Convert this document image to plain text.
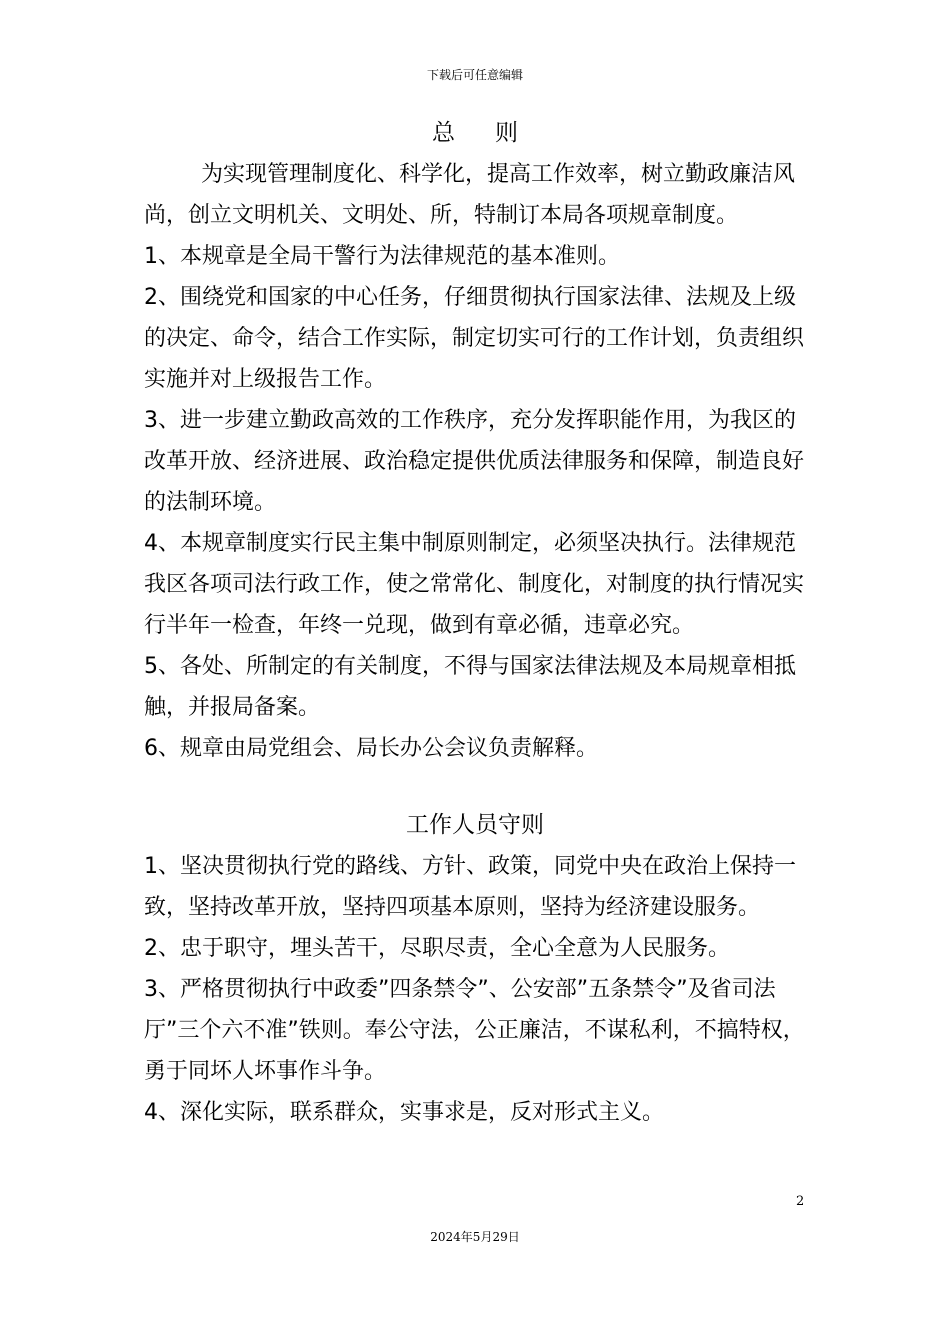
下载后可任意编辑
总则

为实现管理制度化、科学化，提高工作效率，树立勤政廉洁风尚，创立文明机关、文明处、所，特制订本局各项规章制度。

1、本规章是全局干警行为法律规范的基本准则。

2、围绕党和国家的中心任务，仔细贯彻执行国家法律、法规及上级的决定、命令，结合工作实际，制定切实可行的工作计划，负责组织实施并对上级报告工作。

3、进一步建立勤政高效的工作秩序，充分发挥职能作用，为我区的改革开放、经济进展、政治稳定提供优质法律服务和保障，制造良好的法制环境。

4、本规章制度实行民主集中制原则制定，必须坚决执行。法律规范我区各项司法行政工作，使之常常化、制度化，对制度的执行情况实行半年一检查，年终一兑现，做到有章必循，违章必究。

5、各处、所制定的有关制度，不得与国家法律法规及本局规章相抵触，并报局备案。

6、规章由局党组会、局长办公会议负责解释。

工作人员守则

1、坚决贯彻执行党的路线、方针、政策，同党中央在政治上保持一致，坚持改革开放，坚持四项基本原则，坚持为经济建设服务。

2、忠于职守，埋头苦干，尽职尽责，全心全意为人民服务。

3、严格贯彻执行中政委”四条禁令”、公安部”五条禁令”及省司法厅”三个六不准”铁则。奉公守法，公正廉洁，不谋私利，不搞特权，勇于同坏人坏事作斗争。

4、深化实际，联系群众，实事求是，反对形式主义。

2
2024年5月29日
